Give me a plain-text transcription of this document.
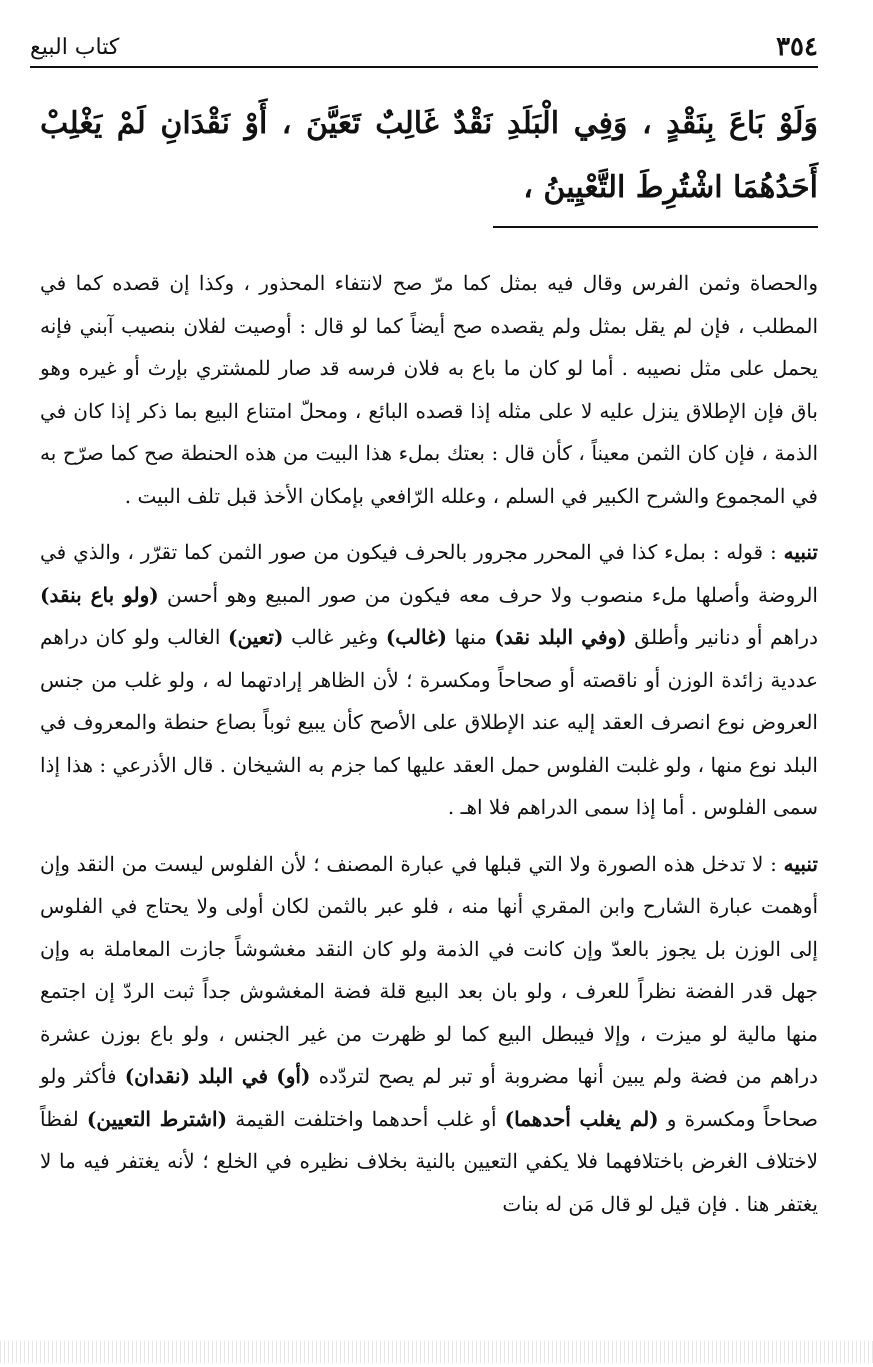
٣٥٤
كتاب البيع
وَلَوْ بَاعَ بِنَقْدٍ ، وَفِي الْبَلَدِ نَقْدٌ غَالِبٌ تَعَيَّنَ ، أَوْ نَقْدَانِ لَمْ يَغْلِبْ أَحَدُهُمَا اشْتُرِطَ التَّعْيِينُ ،

والحصاة وثمن الفرس وقال فيه بمثل كما مرّ صح لانتفاء المحذور ، وكذا إن قصده كما في المطلب ، فإن لم يقل بمثل ولم يقصده صح أيضاً كما لو قال : أوصيت لفلان بنصيب آبني فإنه يحمل على مثل نصيبه . أما لو كان ما باع به فلان فرسه قد صار للمشتري بإرث أو غيره وهو باق فإن الإطلاق ينزل عليه لا على مثله إذا قصده البائع ، ومحلّ امتناع البيع بما ذكر إذا كان في الذمة ، فإن كان الثمن معيناً ، كأن قال : بعتك بملء هذا البيت من هذه الحنطة صح كما صرّح به في المجموع والشرح الكبير في السلم ، وعلله الرّافعي بإمكان الأخذ قبل تلف البيت .

تنبيه : قوله : بملء كذا في المحرر مجرور بالحرف فيكون من صور الثمن كما تقرّر ، والذي في الروضة وأصلها ملء منصوب ولا حرف معه فيكون من صور المبيع وهو أحسن (ولو باع بنقد) دراهم أو دنانير وأطلق (وفي البلد نقد) منها (غالب) وغير غالب (تعين) الغالب ولو كان دراهم عددية زائدة الوزن أو ناقصته أو صحاحاً ومكسرة ؛ لأن الظاهر إرادتهما له ، ولو غلب من جنس العروض نوع انصرف العقد إليه عند الإطلاق على الأصح كأن يبيع ثوباً بصاع حنطة والمعروف في البلد نوع منها ، ولو غلبت الفلوس حمل العقد عليها كما جزم به الشيخان . قال الأذرعي : هذا إذا سمى الفلوس . أما إذا سمى الدراهم فلا اهـ .

تنبيه : لا تدخل هذه الصورة ولا التي قبلها في عبارة المصنف ؛ لأن الفلوس ليست من النقد وإن أوهمت عبارة الشارح وابن المقري أنها منه ، فلو عبر بالثمن لكان أولى ولا يحتاج في الفلوس إلى الوزن بل يجوز بالعدّ وإن كانت في الذمة ولو كان النقد مغشوشاً جازت المعاملة به وإن جهل قدر الفضة نظراً للعرف ، ولو بان بعد البيع قلة فضة المغشوش جداً ثبت الردّ إن اجتمع منها مالية لو ميزت ، وإلا فيبطل البيع كما لو ظهرت من غير الجنس ، ولو باع بوزن عشرة دراهم من فضة ولم يبين أنها مضروبة أو تبر لم يصح لتردّده (أو) في البلد (نقدان) فأكثر ولو صحاحاً ومكسرة و (لم يغلب أحدهما) أو غلب أحدهما واختلفت القيمة (اشترط التعيين) لفظاً لاختلاف الغرض باختلافهما فلا يكفي التعيين بالنية بخلاف نظيره في الخلع ؛ لأنه يغتفر فيه ما لا يغتفر هنا . فإن قيل لو قال مَن له بنات
